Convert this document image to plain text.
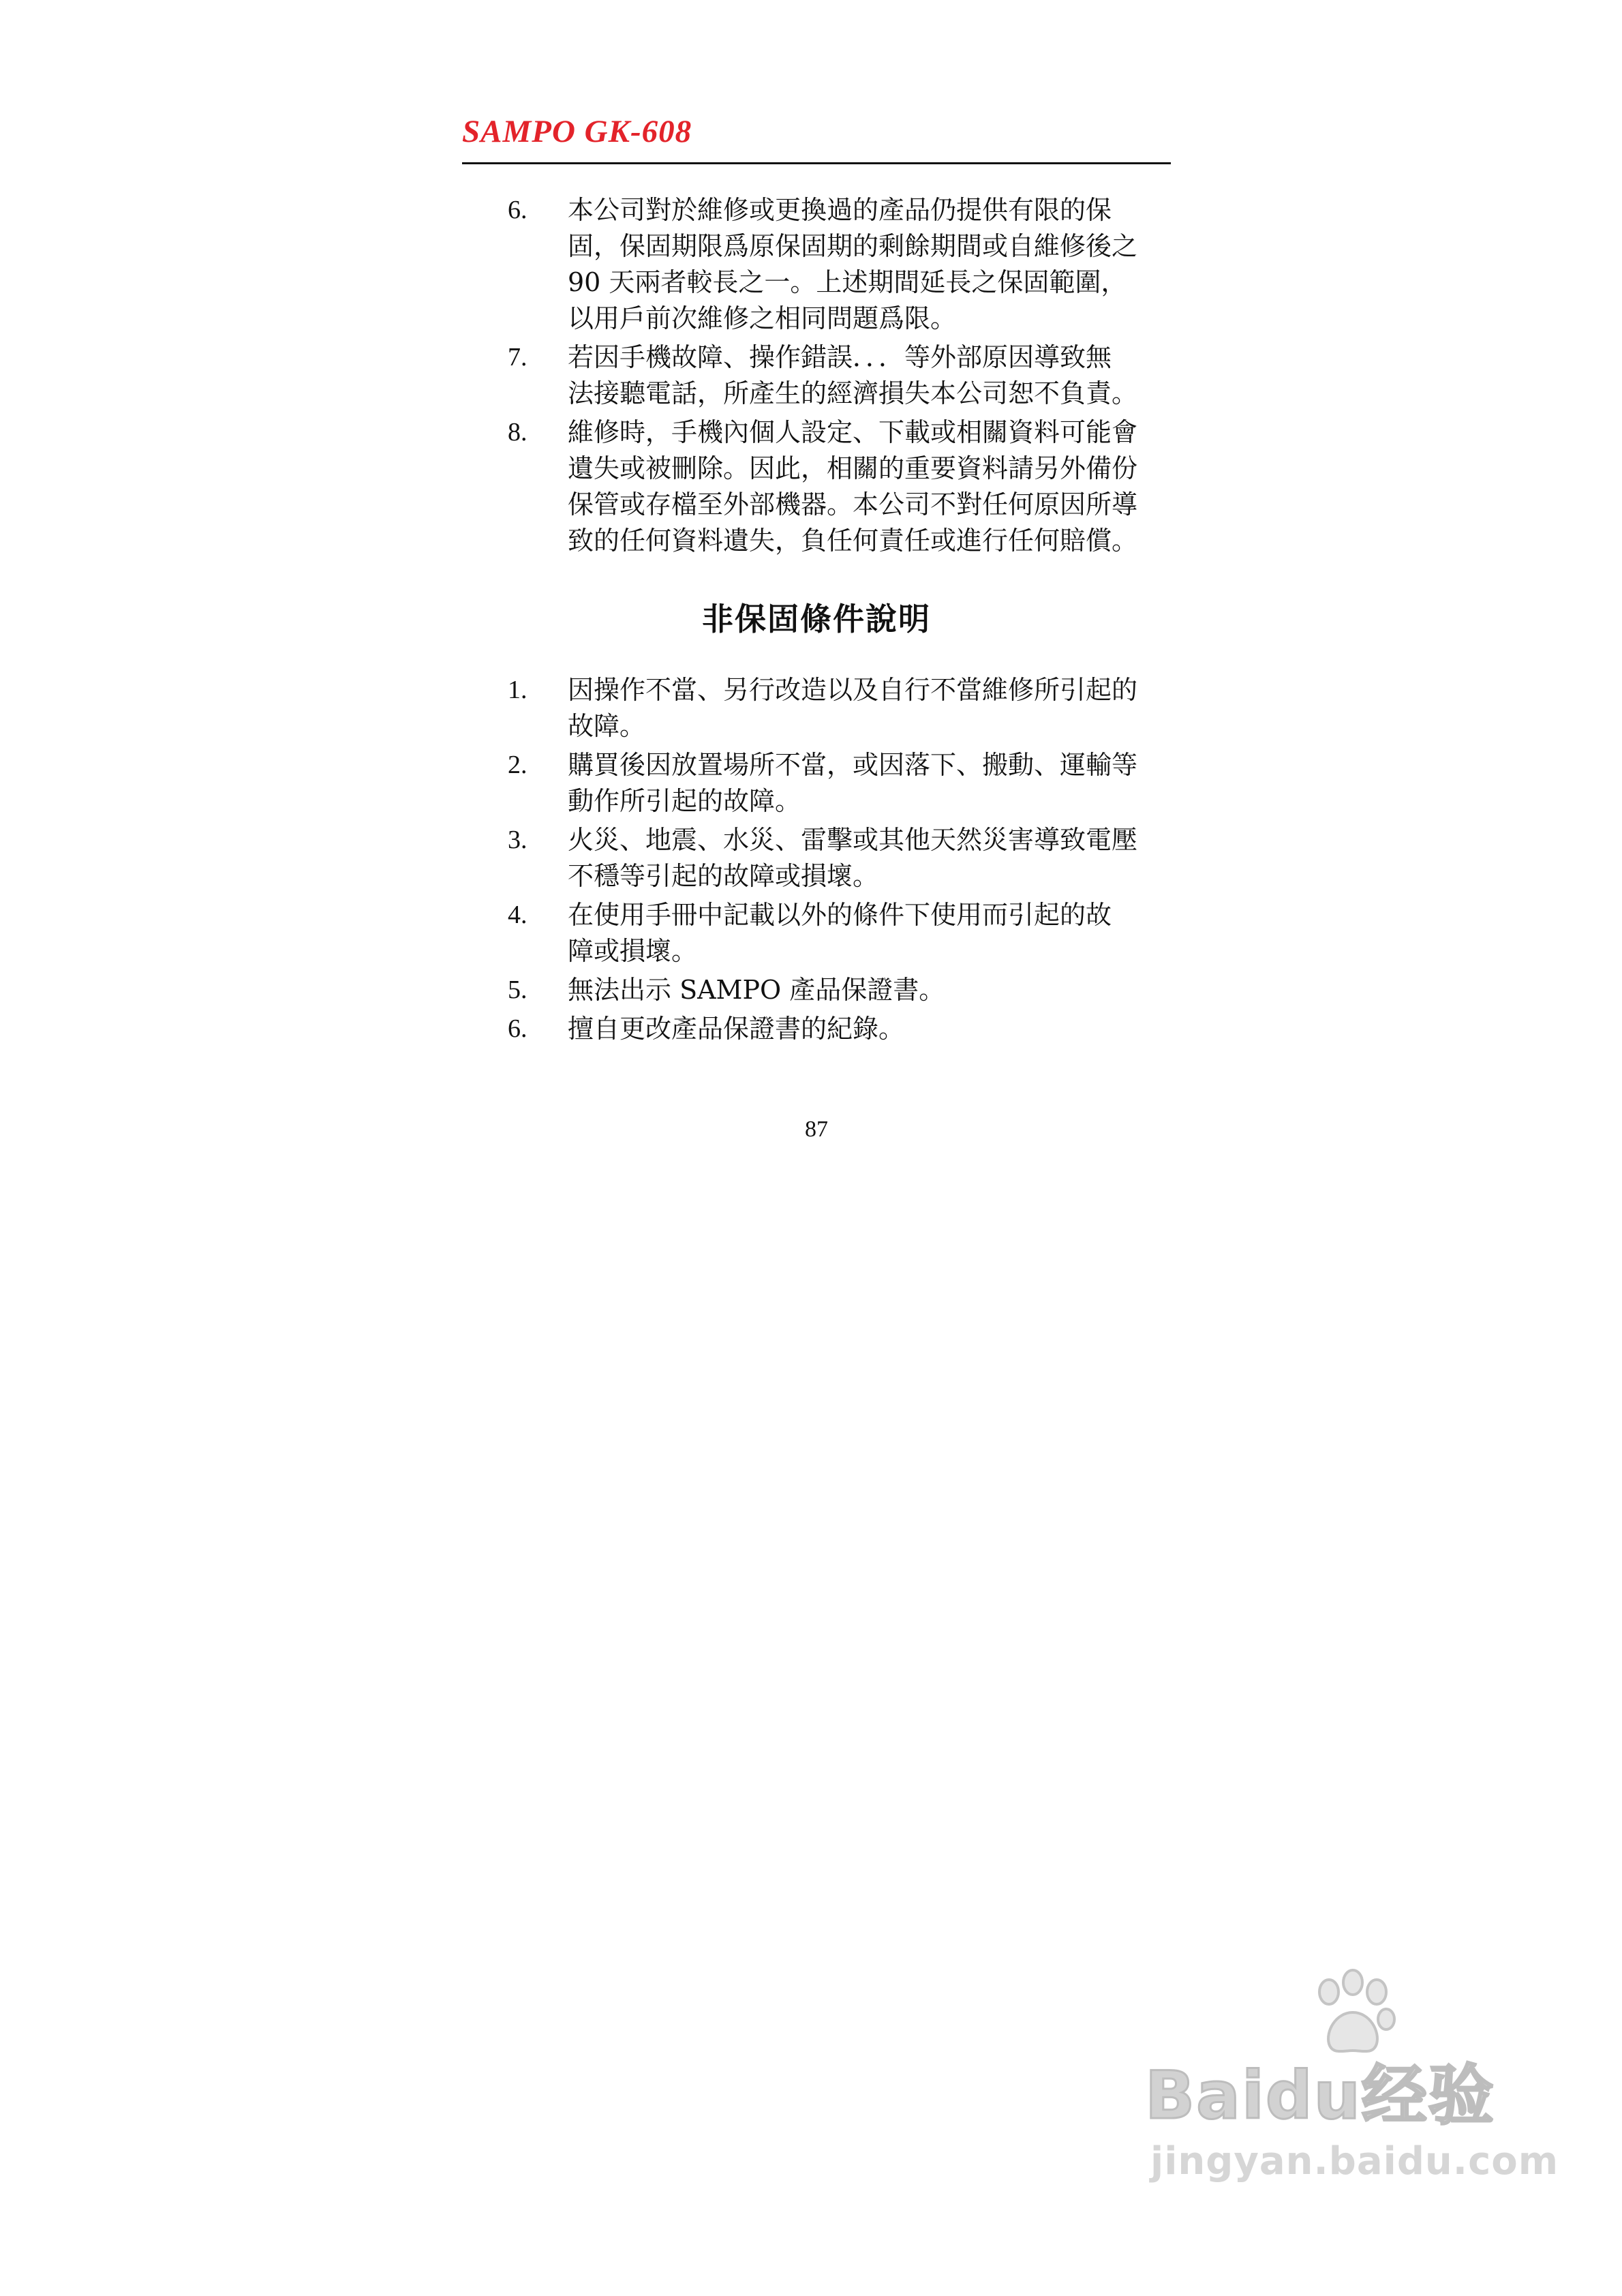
SAMPO GK-608
6. 本公司對於維修或更換過的產品仍提供有限的保
固，保固期限爲原保固期的剩餘期間或自維修後之
90 天兩者較長之一。上述期間延長之保固範圍，
以用戶前次維修之相同問題爲限。
7. 若因手機故障、操作錯誤．．．等外部原因導致無
法接聽電話，所產生的經濟損失本公司恕不負責。
8. 維修時，手機內個人設定、下載或相關資料可能會
遺失或被刪除。因此，相關的重要資料請另外備份
保管或存檔至外部機器。本公司不對任何原因所導
致的任何資料遺失，負任何責任或進行任何賠償。
非保固條件說明
1. 因操作不當、另行改造以及自行不當維修所引起的
故障。
2. 購買後因放置場所不當，或因落下、搬動、運輸等
動作所引起的故障。
3. 火災、地震、水災、雷擊或其他天然災害導致電壓
不穩等引起的故障或損壞。
4. 在使用手冊中記載以外的條件下使用而引起的故
障或損壞。
5. 無法出示 SAMPO 產品保證書。
6. 擅自更改產品保證書的紀錄。
87
Baidu经验
jingyan.baidu.com
